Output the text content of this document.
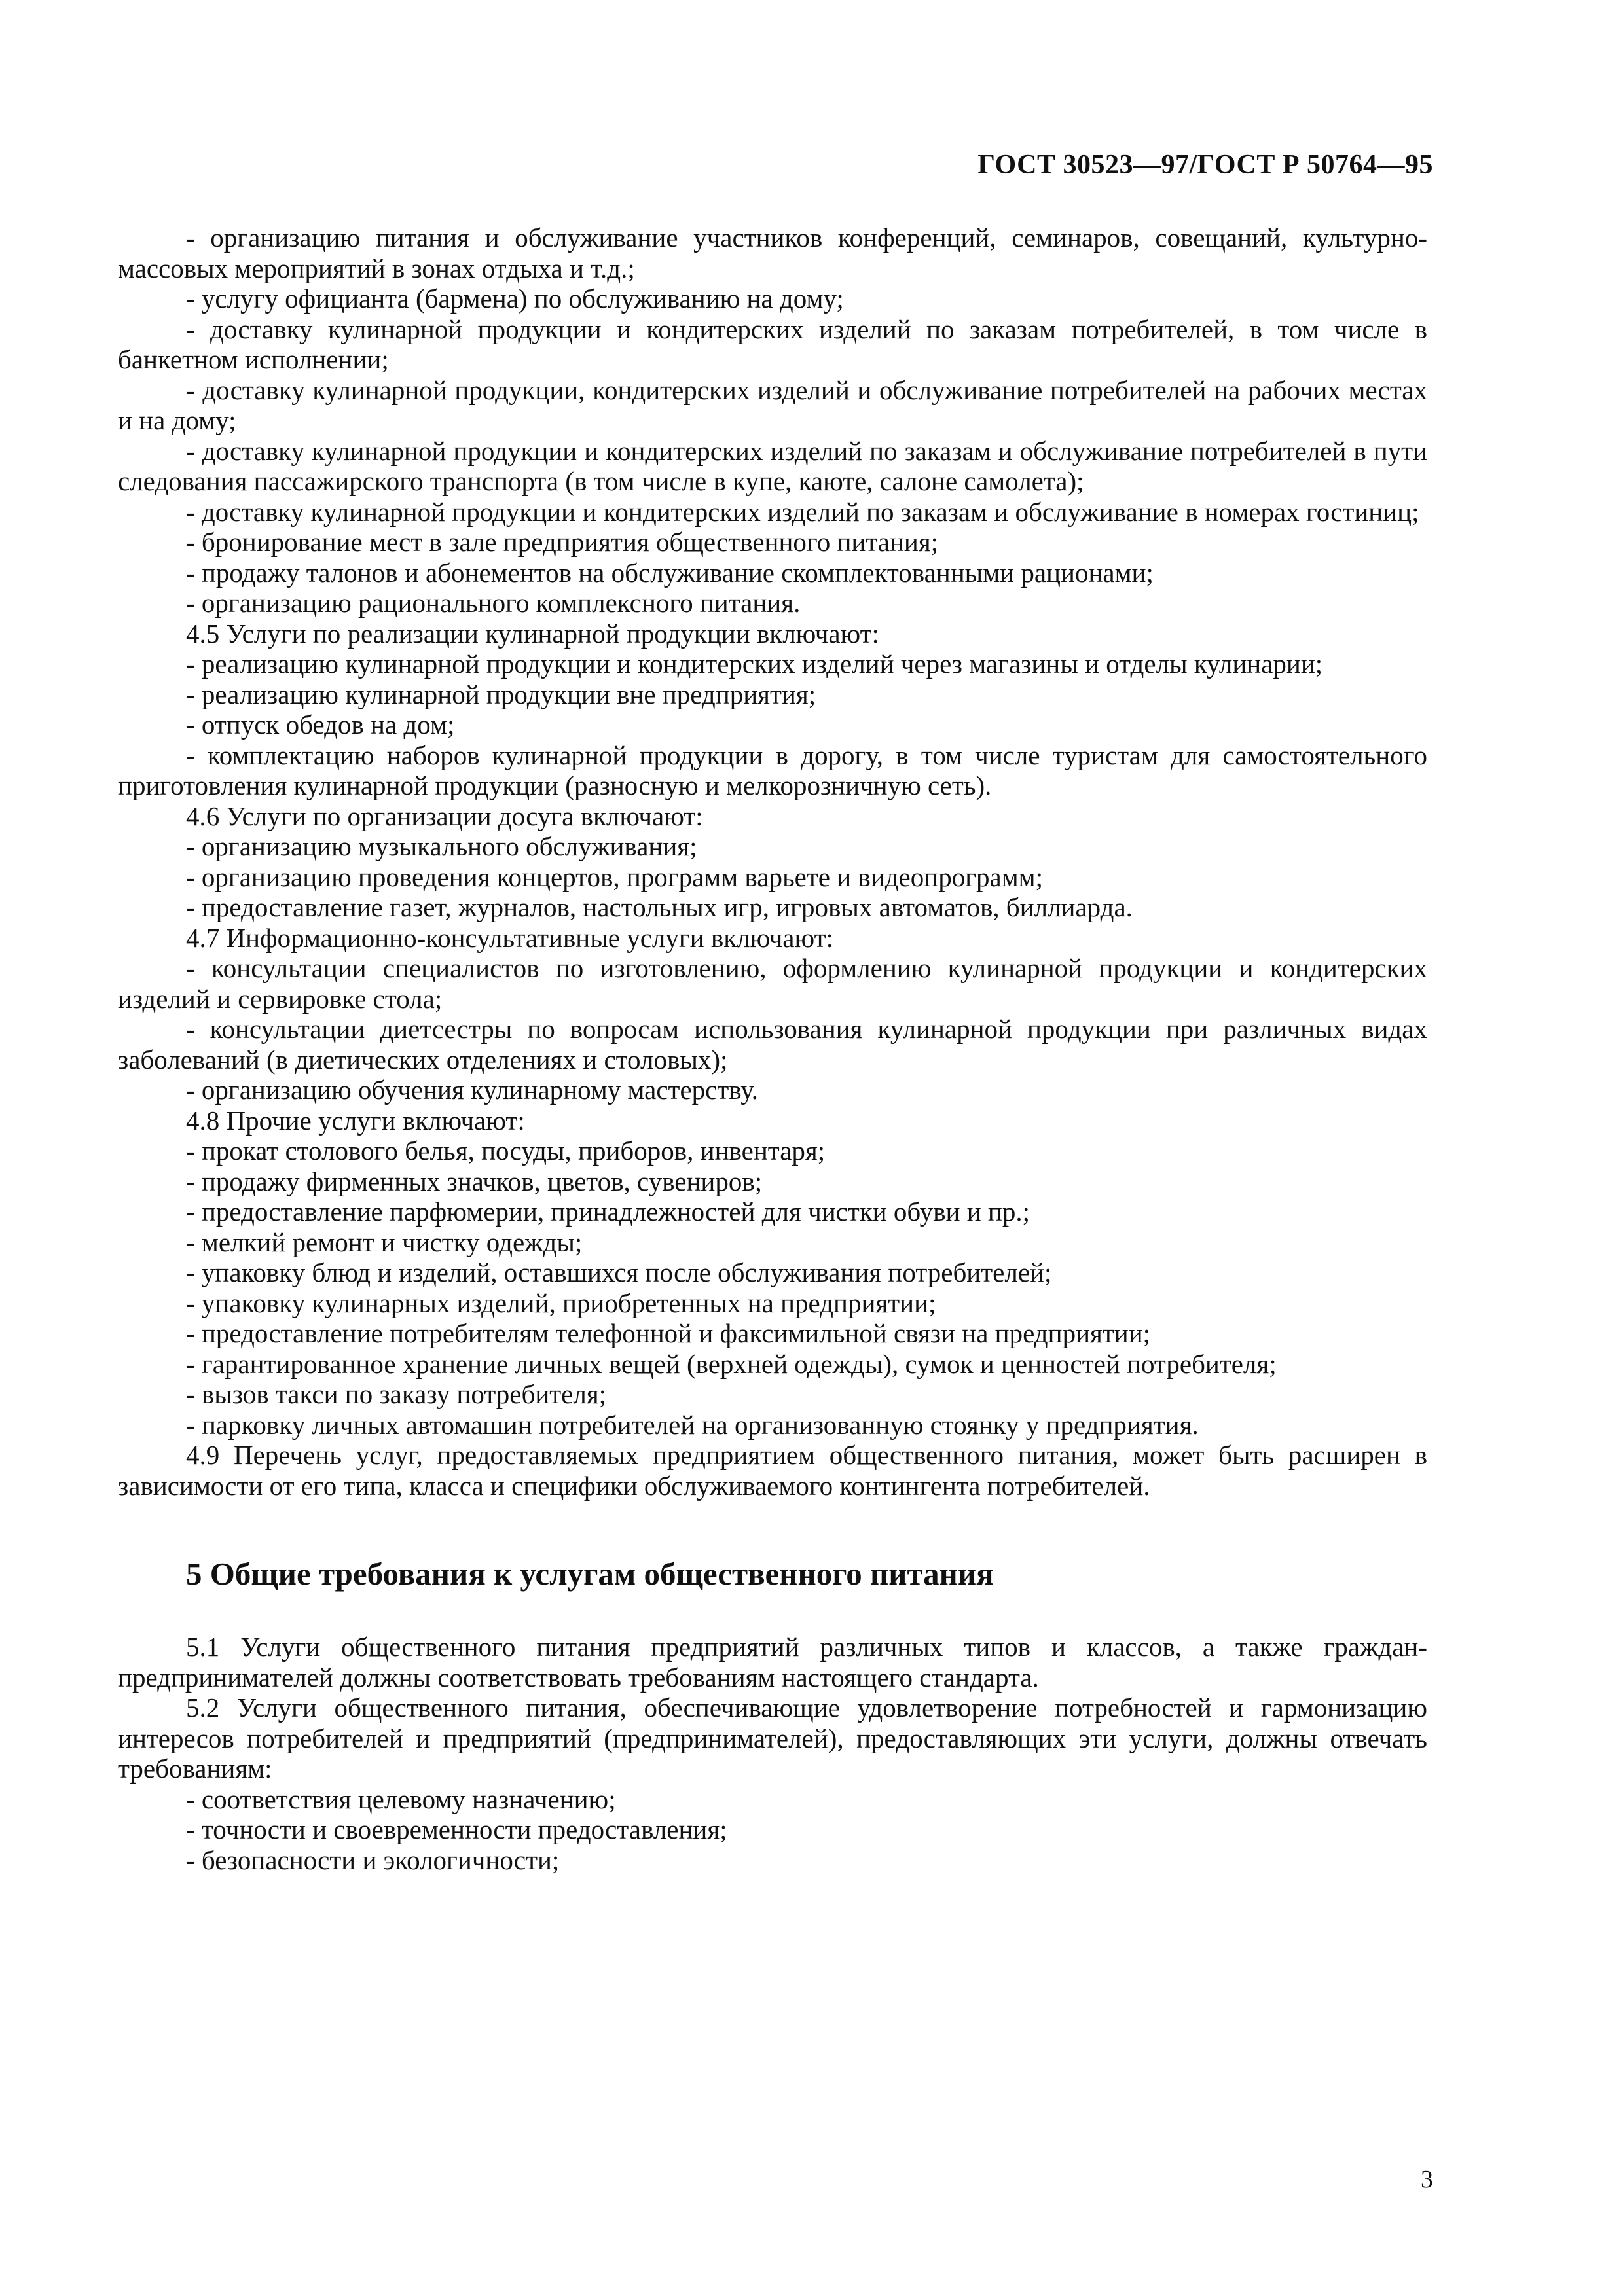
ГОСТ 30523—97/ГОСТ Р 50764—95

- организацию питания и обслуживание участников конференций, семинаров, совещаний, культурно-массовых мероприятий в зонах отдыха и т.д.;

- услугу официанта (бармена) по обслуживанию на дому;

- доставку кулинарной продукции и кондитерских изделий по заказам потребителей, в том числе в банкетном исполнении;

- доставку кулинарной продукции, кондитерских изделий и обслуживание потребителей на рабочих местах и на дому;

- доставку кулинарной продукции и кондитерских изделий по заказам и обслуживание потребителей в пути следования пассажирского транспорта (в том числе в купе, каюте, салоне самолета);

- доставку кулинарной продукции и кондитерских изделий по заказам и обслуживание в номерах гостиниц;

- бронирование мест в зале предприятия общественного питания;

- продажу талонов и абонементов на обслуживание скомплектованными рационами;

- организацию рационального комплексного питания.

4.5 Услуги по реализации кулинарной продукции включают:

- реализацию кулинарной продукции и кондитерских изделий через магазины и отделы кулинарии;

- реализацию кулинарной продукции вне предприятия;

- отпуск обедов на дом;

- комплектацию наборов кулинарной продукции в дорогу, в том числе туристам для самостоятельного приготовления кулинарной продукции (разносную и мелкорозничную сеть).

4.6 Услуги по организации досуга включают:

- организацию музыкального обслуживания;

- организацию проведения концертов, программ варьете и видеопрограмм;

- предоставление газет, журналов, настольных игр, игровых автоматов, биллиарда.

4.7 Информационно-консультативные услуги включают:

- консультации специалистов по изготовлению, оформлению кулинарной продукции и кондитерских изделий и сервировке стола;

- консультации диетсестры по вопросам использования кулинарной продукции при различных видах заболеваний (в диетических отделениях и столовых);

- организацию обучения кулинарному мастерству.

4.8 Прочие услуги включают:

- прокат столового белья, посуды, приборов, инвентаря;

- продажу фирменных значков, цветов, сувениров;

- предоставление парфюмерии, принадлежностей для чистки обуви и пр.;

- мелкий ремонт и чистку одежды;

- упаковку блюд и изделий, оставшихся после обслуживания потребителей;

- упаковку кулинарных изделий, приобретенных на предприятии;

- предоставление потребителям телефонной и факсимильной связи на предприятии;

- гарантированное хранение личных вещей (верхней одежды), сумок и ценностей потребителя;

- вызов такси по заказу потребителя;

- парковку личных автомашин потребителей на организованную стоянку у предприятия.

4.9 Перечень услуг, предоставляемых предприятием общественного питания, может быть расширен в зависимости от его типа, класса и специфики обслуживаемого контингента потребителей.

5 Общие требования к услугам общественного питания

5.1 Услуги общественного питания предприятий различных типов и классов, а также граждан-предпринимателей должны соответствовать требованиям настоящего стандарта.

5.2 Услуги общественного питания, обеспечивающие удовлетворение потребностей и гармонизацию интересов потребителей и предприятий (предпринимателей), предоставляющих эти услуги, должны отвечать требованиям:

- соответствия целевому назначению;

- точности и своевременности предоставления;

- безопасности и экологичности;

3
